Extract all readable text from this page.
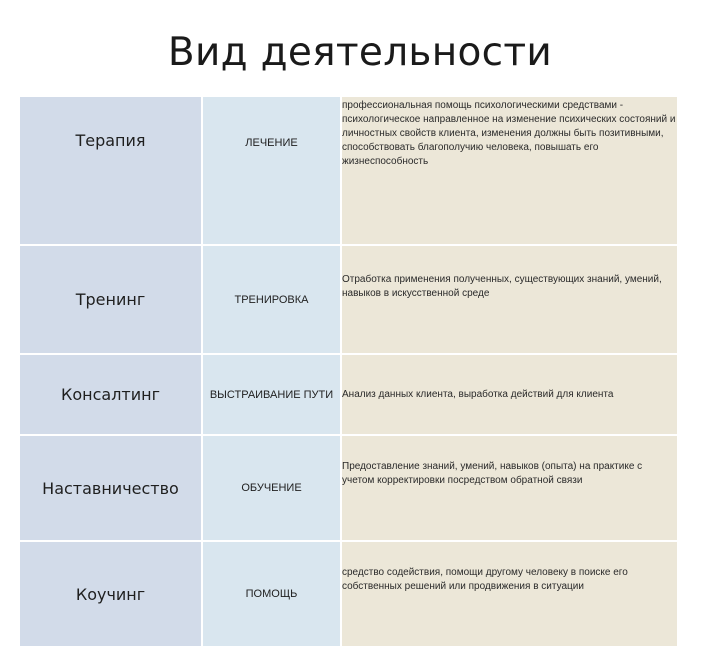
Вид деятельности
Терапия	ЛЕЧЕНИЕ	профессиональная помощь психологическими средствами - психологическое направленное на изменение психических состояний и личностных свойств клиента, изменения должны быть позитивными, способствовать благополучию человека, повышать его жизнеспособность
Тренинг	ТРЕНИРОВКА	Отработка применения полученных, существующих знаний, умений, навыков в искусственной среде
Консалтинг	ВЫСТРАИВАНИЕ ПУТИ	Анализ данных клиента, выработка действий для клиента
Наставничество	ОБУЧЕНИЕ	Предоставление знаний, умений, навыков (опыта) на практике с учетом корректировки посредством обратной связи
Коучинг	ПОМОЩЬ	средство содействия, помощи другому человеку в поиске его собственных решений или продвижения в ситуации
